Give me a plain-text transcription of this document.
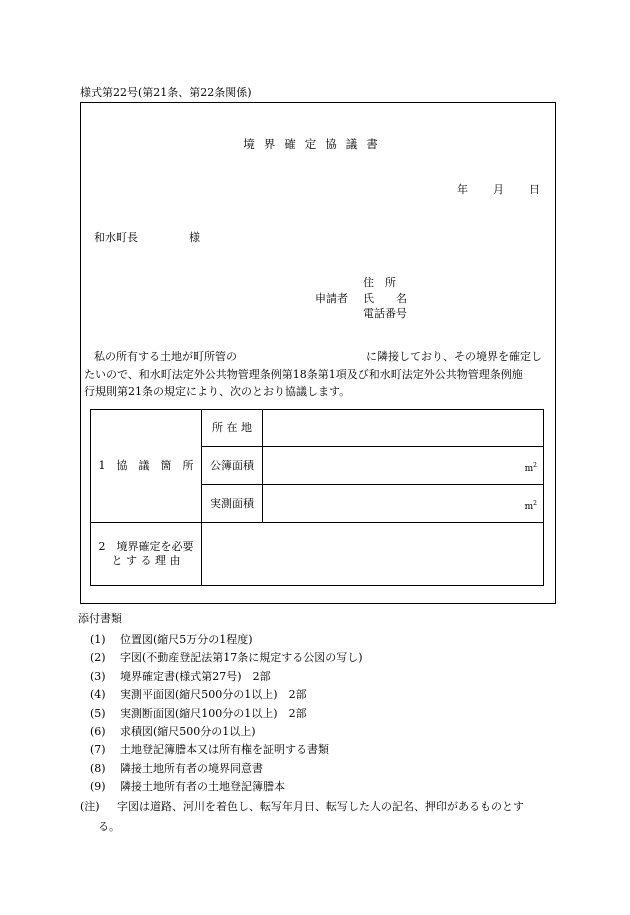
様式第22号(第21条、第22条関係)
境界確定協議書
年 月 日
和水町長	様
住　所
申請者 氏　　名
電話番号
私の所有する土地が町所管の	に隣接しており、その境界を確定し
たいので、和水町法定外公共物管理条例第18条第1項及び和水町法定外公共物管理条例施
行規則第21条の規定により、次のとおり協議します。
1　協　議　箇　所	所 在 地	
	公簿面積	$m^2$

	実測面積	$m^2$

2　境界確定を必要
と す る 理 由		

添付書類
(1) 位置図(縮尺5万分の1程度)
(2) 字図(不動産登記法第17条に規定する公図の写し)
(3) 境界確定書(様式第27号)　2部
(4) 実測平面図(縮尺500分の1以上)　2部
(5) 実測断面図(縮尺100分の1以上)　2部
(6) 求積図(縮尺500分の1以上)
(7) 土地登記簿謄本又は所有権を証明する書類
(8) 隣接土地所有者の境界同意書
(9) 隣接土地所有者の土地登記簿謄本
(注) 字図は道路、河川を着色し、転写年月日、転写した人の記名、押印があるものとす
る。
